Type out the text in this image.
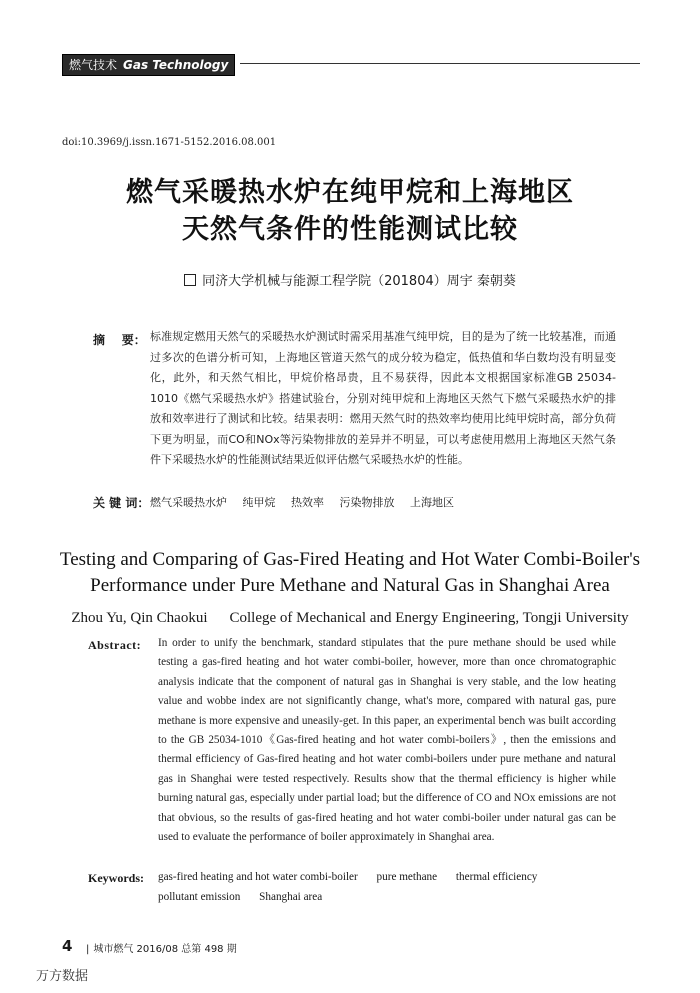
燃气技术 Gas Technology
doi:10.3969/j.issn.1671-5152.2016.08.001
燃气采暖热水炉在纯甲烷和上海地区
天然气条件的性能测试比较
同济大学机械与能源工程学院（201804）周宇 秦朝葵
摘    要： 标准规定燃用天然气的采暖热水炉测试时需采用基准气纯甲烷，目的是为了统一比较基准，而通过多次的色谱分析可知，上海地区管道天然气的成分较为稳定，低热值和华白数均没有明显变化，此外，和天然气相比，甲烷价格昂贵，且不易获得，因此本文根据国家标准GB 25034-1010《燃气采暖热水炉》搭建试验台，分别对纯甲烷和上海地区天然气下燃气采暖热水炉的排放和效率进行了测试和比较。结果表明：燃用天然气时的热效率均使用比纯甲烷时高，部分负荷下更为明显，而CO和NOx等污染物排放的差异并不明显，可以考虑使用燃用上海地区天然气条件下采暖热水炉的性能测试结果近似评估燃气采暖热水炉的性能。
关 键 词： 燃气采暖热水炉 纯甲烷 热效率 污染物排放 上海地区
Testing and Comparing of Gas-Fired Heating and Hot Water Combi-Boiler's
Performance under Pure Methane and Natural Gas in Shanghai Area
Zhou Yu, Qin Chaokui College of Mechanical and Energy Engineering, Tongji University
Abstract: In order to unify the benchmark, standard stipulates that the pure methane should be used while testing a gas-fired heating and hot water combi-boiler, however, more than once chromatographic analysis indicate that the component of natural gas in Shanghai is very stable, and the low heating value and wobbe index are not significantly change, what's more, compared with natural gas, pure methane is more expensive and uneasily-get. In this paper, an experimental bench was built according to the GB 25034-1010《Gas-fired heating and hot water combi-boilers》, then the emissions and thermal efficiency of Gas-fired heating and hot water combi-boilers under pure methane and natural gas in Shanghai were tested respectively. Results show that the thermal efficiency is higher while burning natural gas, especially under partial load; but the difference of CO and NOx emissions are not that obvious, so the results of gas-fired heating and hot water combi-boiler under natural gas can be used to evaluate the performance of boiler approximately in Shanghai area.
Keywords: gas-fired heating and hot water combi-boiler pure methane thermal efficiency
pollutant emission Shanghai area
4	| 城市燃气 2016/08 总第 498 期
万方数据
